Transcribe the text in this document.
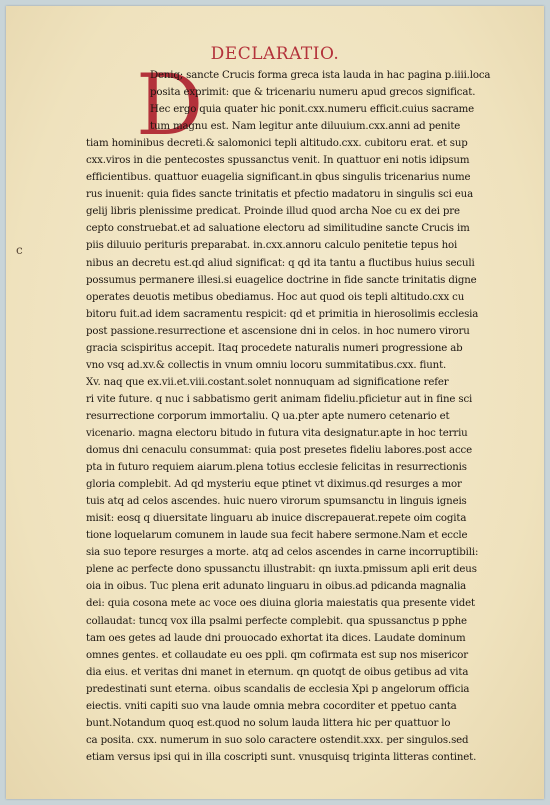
DECLARATIO.
D
c
Deniq; sancte Crucis forma greca ista lauda in hac pagina p.iiii.loca
posita exprimit: que & tricenariu numeru apud grecos significat.
Hec ergo quia quater hic ponit.cxx.numeru efficit.cuius sacrame
tum magnu est. Nam legitur ante diluuium.cxx.anni ad penite
tiam hominibus decreti.& salomonici tepli altitudo.cxx. cubitoru erat. et sup
cxx.viros in die pentecostes spussanctus venit. In quattuor eni notis idipsum
efficientibus. quattuor euagelia significant.in qbus singulis tricenarius nume
rus inuenit: quia fides sancte trinitatis et pfectio madatoru in singulis sci eua
gelij libris plenissime predicat. Proinde illud quod archa Noe cu ex dei pre
cepto construebat.et ad saluatione electoru ad similitudine sancte Crucis im
piis diluuio perituris preparabat. in.cxx.annoru calculo penitetie tepus hoi
nibus an decretu est.qd aliud significat: q qd ita tantu a fluctibus huius seculi
possumus permanere illesi.si euagelice doctrine in fide sancte trinitatis digne
operates deuotis metibus obediamus. Hoc aut quod ois tepli altitudo.cxx cu
bitoru fuit.ad idem sacramentu respicit: qd et primitia in hierosolimis ecclesia
post passione.resurrectione et ascensione dni in celos. in hoc numero viroru
gracia scispiritus accepit. Itaq procedete naturalis numeri progressione ab
vno vsq ad.xv.& collectis in vnum omniu locoru summitatibus.cxx. fiunt.
Xv. naq que ex.vii.et.viii.costant.solet nonnuquam ad significatione refer
ri vite future. q nuc i sabbatismo gerit animam fideliu.pficietur aut in fine sci
resurrectione corporum immortaliu. Q ua.pter apte numero cetenario et
vicenario. magna electoru bitudo in futura vita designatur.apte in hoc terriu
domus dni cenaculu consummat: quia post presetes fideliu labores.post acce
pta in futuro requiem aiarum.plena totius ecclesie felicitas in resurrectionis
gloria complebit. Ad qd mysteriu eque ptinet vt diximus.qd resurges a mor
tuis atq ad celos ascendes. huic nuero virorum spumsanctu in linguis igneis
misit: eosq q diuersitate linguaru ab inuice discrepauerat.repete oim cogita
tione loquelarum comunem in laude sua fecit habere sermone.Nam et eccle
sia suo tepore resurges a morte. atq ad celos ascendes in carne incorruptibili:
plene ac perfecte dono spussanctu illustrabit: qn iuxta.pmissum apli erit deus
oia in oibus. Tuc plena erit adunato linguaru in oibus.ad pdicanda magnalia
dei: quia cosona mete ac voce oes diuina gloria maiestatis qua presente videt
collaudat: tuncq vox illa psalmi perfecte complebit. qua spussanctus p pphe
tam oes getes ad laude dni prouocado exhortat ita dices. Laudate dominum
omnes gentes. et collaudate eu oes ppli. qm cofirmata est sup nos misericor
dia eius. et veritas dni manet in eternum. qn quotqt de oibus getibus ad vita
predestinati sunt eterna. oibus scandalis de ecclesia Xpi p angelorum officia
eiectis. vniti capiti suo vna laude omnia mebra cocorditer et ppetuo canta
bunt.Notandum quoq est.quod no solum lauda littera hic per quattuor lo
ca posita. cxx. numerum in suo solo caractere ostendit.xxx. per singulos.sed
etiam versus ipsi qui in illa coscripti sunt. vnusquisq triginta litteras continet.
